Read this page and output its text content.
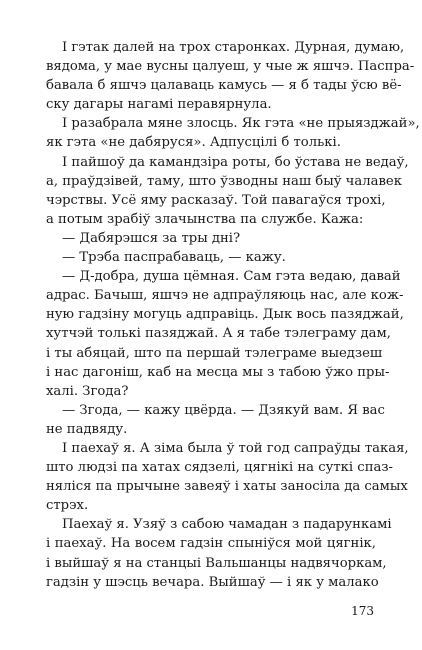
І гэтак далей на трох старонках. Дурная, думаю,
вядома, у мае вусны цалуеш, у чые ж яшчэ. Паспра-
бавала б яшчэ цалаваць камусь — я б тады ўсю вё-
ску дагары нагамі перавярнула.
І разабрала мяне злосць. Як гэта «не прыязджай»,
як гэта «не дабяруся». Адпусцілі б толькі.
І пайшоў да камандзіра роты, бо ўстава не ведаў,
а, праўдзівей, таму, што ўзводны наш быў чалавек
чэрствы. Усё яму расказаў. Той павагаўся трохі,
а потым зрабіў злачынства па службе. Кажа:
— Дабярэшся за тры дні?
— Трэба паспрабаваць, — кажу.
— Д-добра, душа цёмная. Сам гэта ведаю, давай
адрас. Бачыш, яшчэ не адпраўляюць нас, але кож-
ную гадзіну могуць адправіць. Дык вось пазяджай,
хутчэй толькі пазяджай. А я табе тэлеграму дам,
і ты абяцай, што па першай тэлеграме выедзеш
і нас дагоніш, каб на месца мы з табою ўжо пры-
халі. Згода?
— Згода, — кажу цвёрда. — Дзякуй вам. Я вас
не падвяду.
І паехаў я. А зіма была ў той год сапраўды такая,
што людзі па хатах сядзелі, цягнікі на суткі спаз-
няліся па прычыне завеяў і хаты заносіла да самых
стрэх.
Паехаў я. Узяў з сабою чамадан з падарункамі
і паехаў. На восем гадзін спыніўся мой цягнік,
і выйшаў я на станцыі Вальшанцы надвячоркам,
гадзін у шэсць вечара. Выйшаў — і як у малако
173
